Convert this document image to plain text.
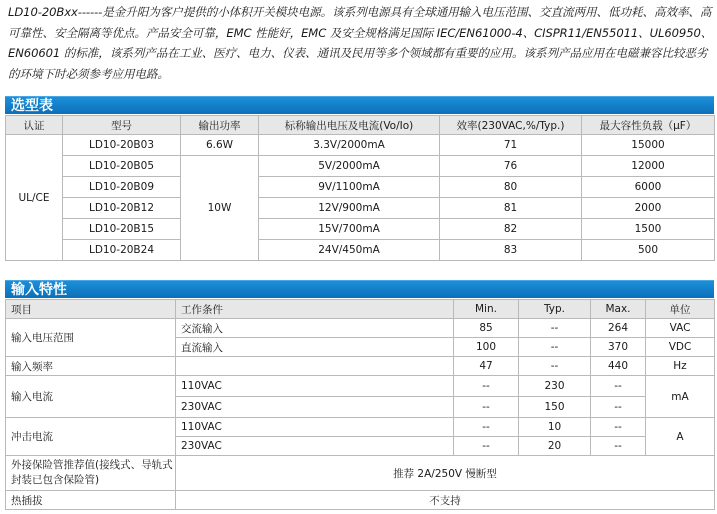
LD10-20Bxx------是金升阳为客户提供的小体积开关模块电源。该系列电源具有全球通用输入电压范围、交直流两用、低功耗、高效率、高可靠性、安全隔离等优点。产品安全可靠，EMC 性能好，EMC 及安全规格满足国际 IEC/EN61000-4、CISPR11/EN55011、UL60950、EN60601 的标准，该系列产品在工业、医疗、电力、仪表、通讯及民用等多个领域都有重要的应用。该系列产品应用在电磁兼容比较恶劣的环境下时必须参考应用电路。
选型表
认证	型号	输出功率	标称输出电压及电流(Vo/Io)	效率(230VAC,%/Typ.)	最大容性负载（µF）
UL/CE	LD10-20B03	6.6W	3.3V/2000mA	71	15000
	LD10-20B05	10W	5V/2000mA	76	12000
	LD10-20B09		9V/1100mA	80	6000
	LD10-20B12		12V/900mA	81	2000
	LD10-20B15		15V/700mA	82	1500
	LD10-20B24		24V/450mA	83	500
输入特性
项目	工作条件	Min.	Typ.	Max.	单位
输入电压范围	交流输入	85	--	264	VAC
	直流输入	100	--	370	VDC
输入频率		47	--	440	Hz
输入电流	110VAC	--	230	--	mA
	230VAC	--	150	--	
冲击电流	110VAC	--	10	--	A
	230VAC	--	20	--	
外接保险管推荐值(接线式、导轨式封装已包含保险管)	推荐 2A/250V 慢断型				
热插拔	不支持				
